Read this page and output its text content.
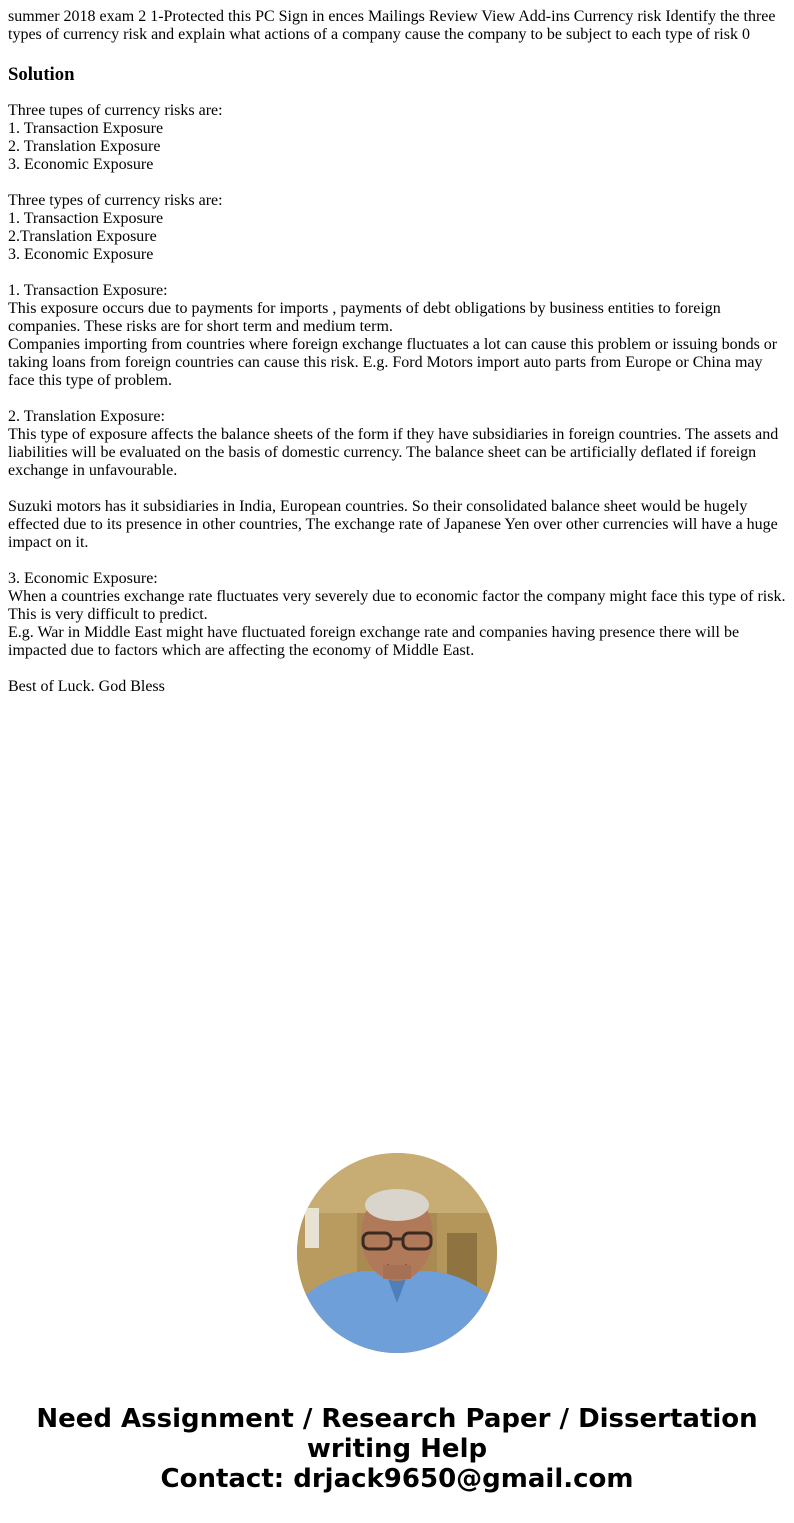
summer 2018 exam 2 1-Protected this PC Sign in ences Mailings Review View Add-ins Currency risk Identify the three types of currency risk and explain what actions of a company cause the company to be subject to each type of risk 0

Solution

Three tupes of currency risks are:

1. Transaction Exposure

2. Translation Exposure

3. Economic Exposure

Three types of currency risks are:

1. Transaction Exposure

2.Translation Exposure

3. Economic Exposure

1. Transaction Exposure:

This exposure occurs due to payments for imports , payments of debt obligations by business entities to foreign companies. These risks are for short term and medium term.

Companies importing from countries where foreign exchange fluctuates a lot can cause this problem or issuing bonds or taking loans from foreign countries can cause this risk. E.g. Ford Motors import auto parts from Europe or China may face this type of problem.

2. Translation Exposure:

This type of exposure affects the balance sheets of the form if they have subsidiaries in foreign countries. The assets and liabilities will be evaluated on the basis of domestic currency. The balance sheet can be artificially deflated if foreign exchange in unfavourable.

Suzuki motors has it subsidiaries in India, European countries. So their consolidated balance sheet would be hugely effected due to its presence in other countries, The exchange rate of Japanese Yen over other currencies will have a huge impact on it.

3. Economic Exposure:

When a countries exchange rate fluctuates very severely due to economic factor the company might face this type of risk. This is very difficult to predict.

E.g. War in Middle East might have fluctuated foreign exchange rate and companies having presence there will be impacted due to factors which are affecting the economy of Middle East.

Best of Luck. God Bless

Need Assignment / Research Paper / Dissertation writing Help
Contact: drjack9650@gmail.com
